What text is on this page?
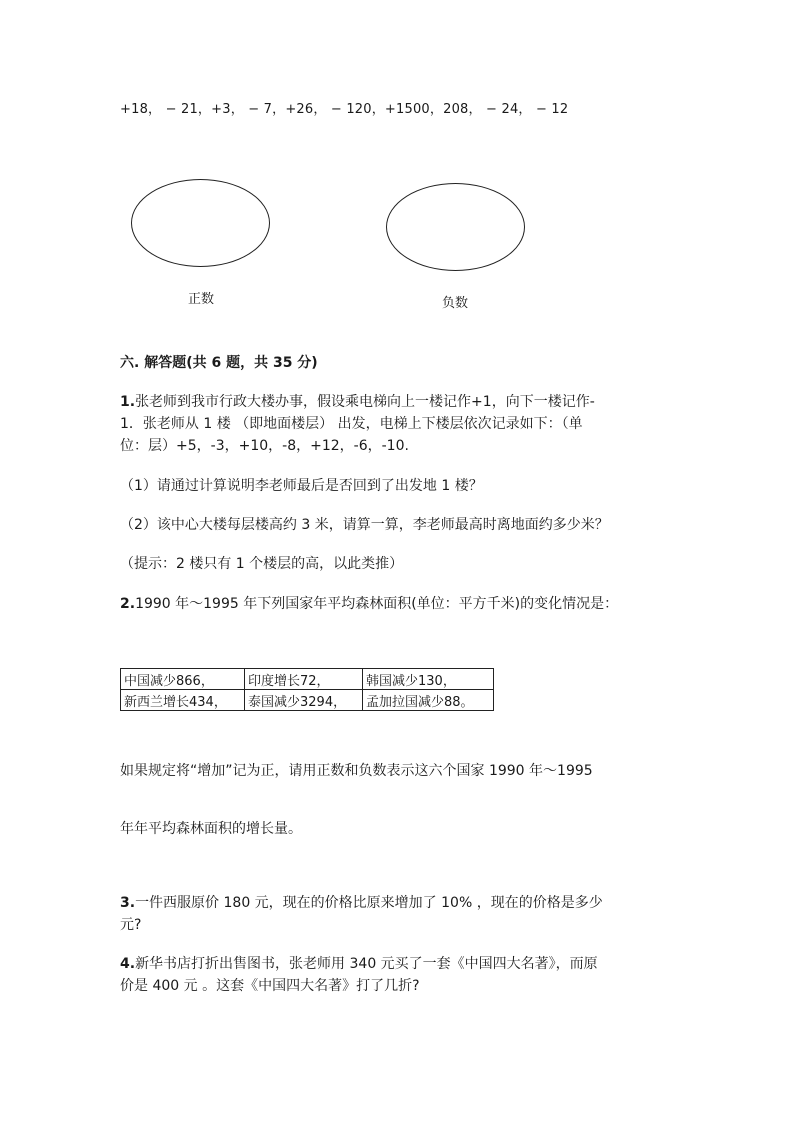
+18， − 21，+3， − 7，+26， − 120，+1500，208， − 24， − 12
正数	负数
六. 解答题(共 6 题，共 35 分)
1.张老师到我市行政大楼办事，假设乘电梯向上一楼记作+1，向下一楼记作-
1．张老师从 1 楼 （即地面楼层） 出发，电梯上下楼层依次记录如下：（单
位：层）+5，-3，+10，-8，+12，-6，-10.
（1）请通过计算说明李老师最后是否回到了出发地 1 楼？
（2）该中心大楼每层楼高约 3 米，请算一算，李老师最高时离地面约多少米？
（提示：2 楼只有 1 个楼层的高，以此类推）
2.1990 年～1995 年下列国家年平均森林面积(单位：平方千米)的变化情况是：
中国减少866，	印度增长72，	韩国减少130，
新西兰增长434，	泰国减少3294，	孟加拉国减少88。
如果规定将“增加”记为正，请用正数和负数表示这六个国家 1990 年～1995
年年平均森林面积的增长量。
3.一件西服原价 180 元，现在的价格比原来增加了 10% ，现在的价格是多少
元?
4.新华书店打折出售图书，张老师用 340 元买了一套《中国四大名著》，而原
价是 400 元 。这套《中国四大名著》打了几折?
